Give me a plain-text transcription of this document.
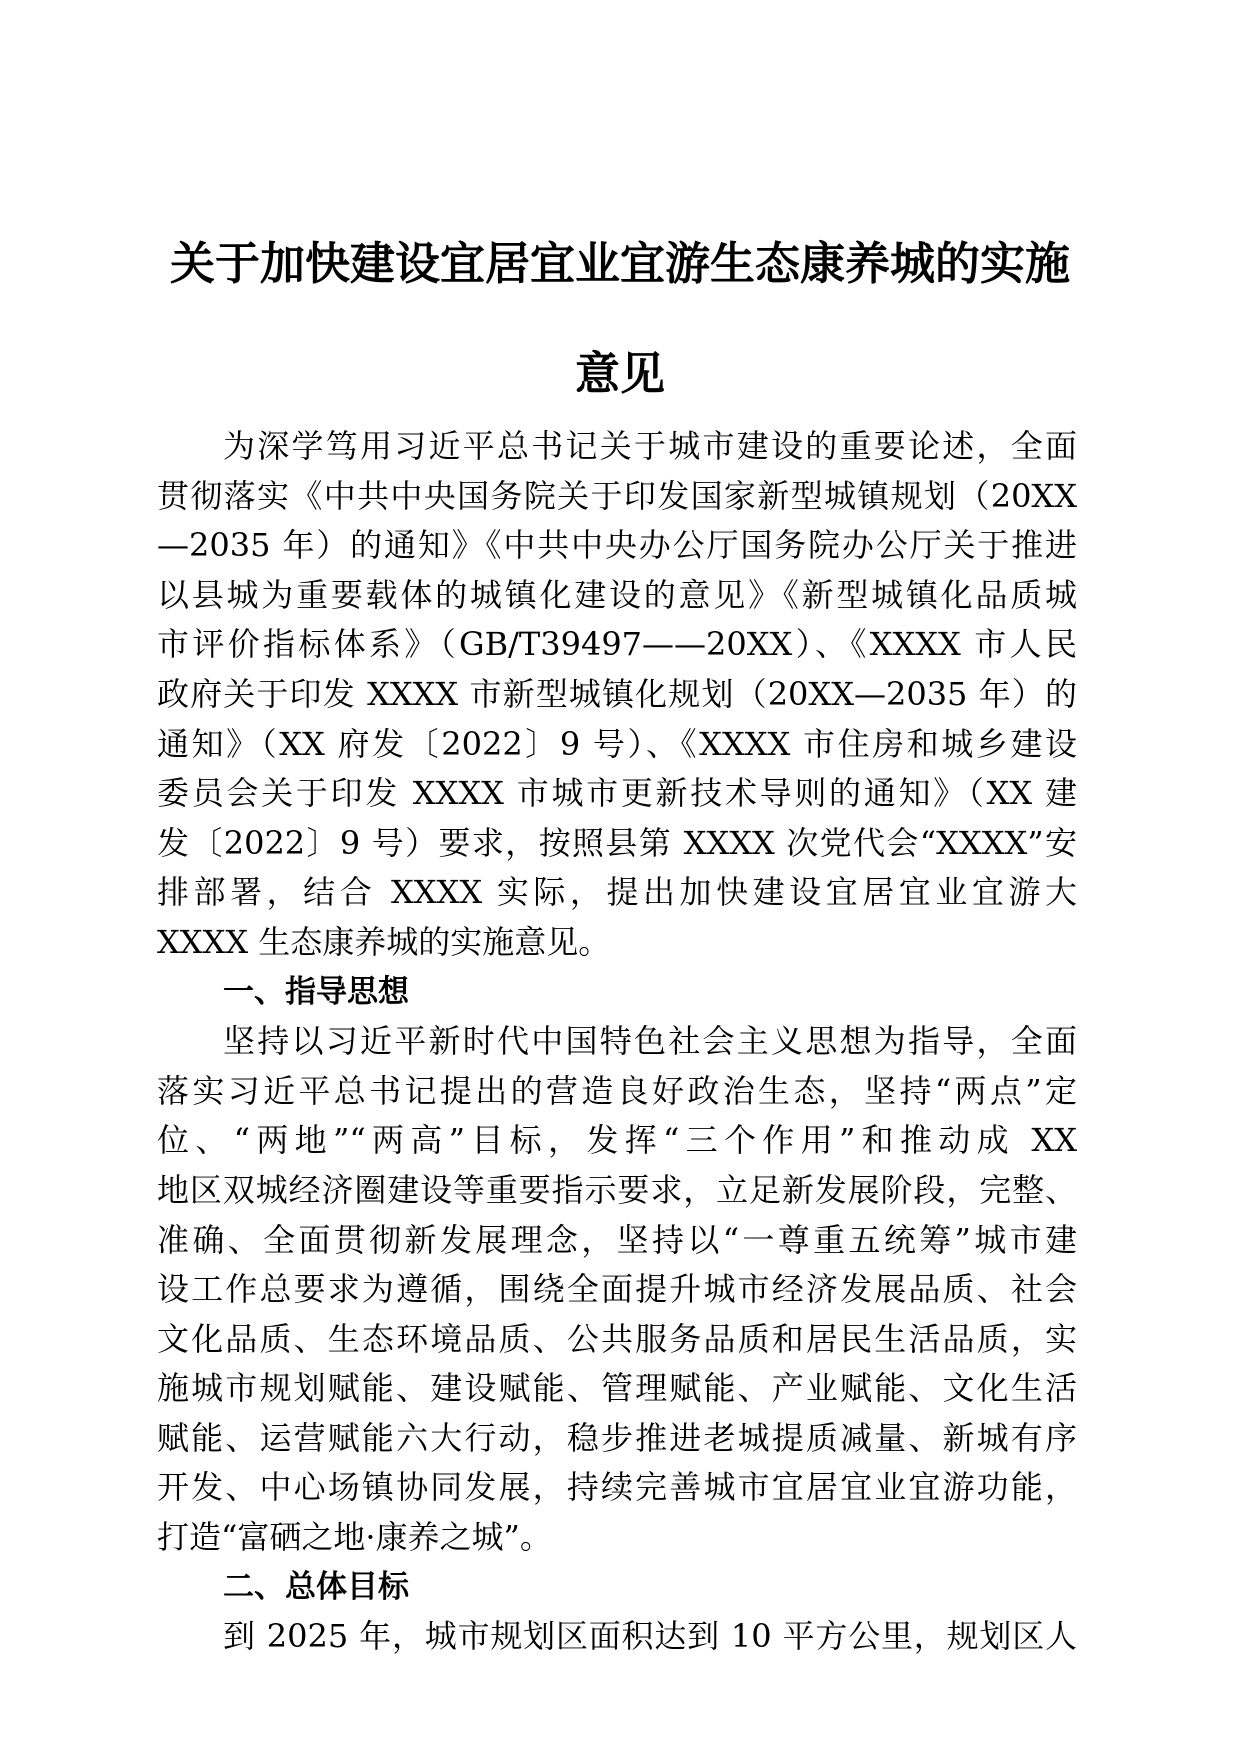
关于加快建设宜居宜业宜游生态康养城的实施
意见
为深学笃用习近平总书记关于城市建设的重要论述，全面
贯彻落实《中共中央国务院关于印发国家新型城镇规划（20XX
—2035 年）的通知》《中共中央办公厅国务院办公厅关于推进
以县城为重要载体的城镇化建设的意见》《新型城镇化品质城
市评价指标体系》（GB/T39497——20XX）、《XXXX 市人民
政府关于印发 XXXX 市新型城镇化规划（20XX—2035 年）的
通知》（XX 府发〔2022〕9 号）、《XXXX 市住房和城乡建设
委员会关于印发 XXXX 市城市更新技术导则的通知》（XX 建
发〔2022〕9 号）要求，按照县第 XXXX 次党代会“XXXX”安
排部署，结合 XXXX 实际，提出加快建设宜居宜业宜游大
XXXX 生态康养城的实施意见。
一、指导思想
坚持以习近平新时代中国特色社会主义思想为指导，全面
落实习近平总书记提出的营造良好政治生态，坚持“两点”定
位、“两地”“两高”目标，发挥“三个作用”和推动成 XX
地区双城经济圈建设等重要指示要求，立足新发展阶段，完整、
准确、全面贯彻新发展理念，坚持以“一尊重五统筹”城市建
设工作总要求为遵循，围绕全面提升城市经济发展品质、社会
文化品质、生态环境品质、公共服务品质和居民生活品质，实
施城市规划赋能、建设赋能、管理赋能、产业赋能、文化生活
赋能、运营赋能六大行动，稳步推进老城提质减量、新城有序
开发、中心场镇协同发展，持续完善城市宜居宜业宜游功能，
打造“富硒之地·康养之城”。
二、总体目标
到 2025 年，城市规划区面积达到 10 平方公里，规划区人
